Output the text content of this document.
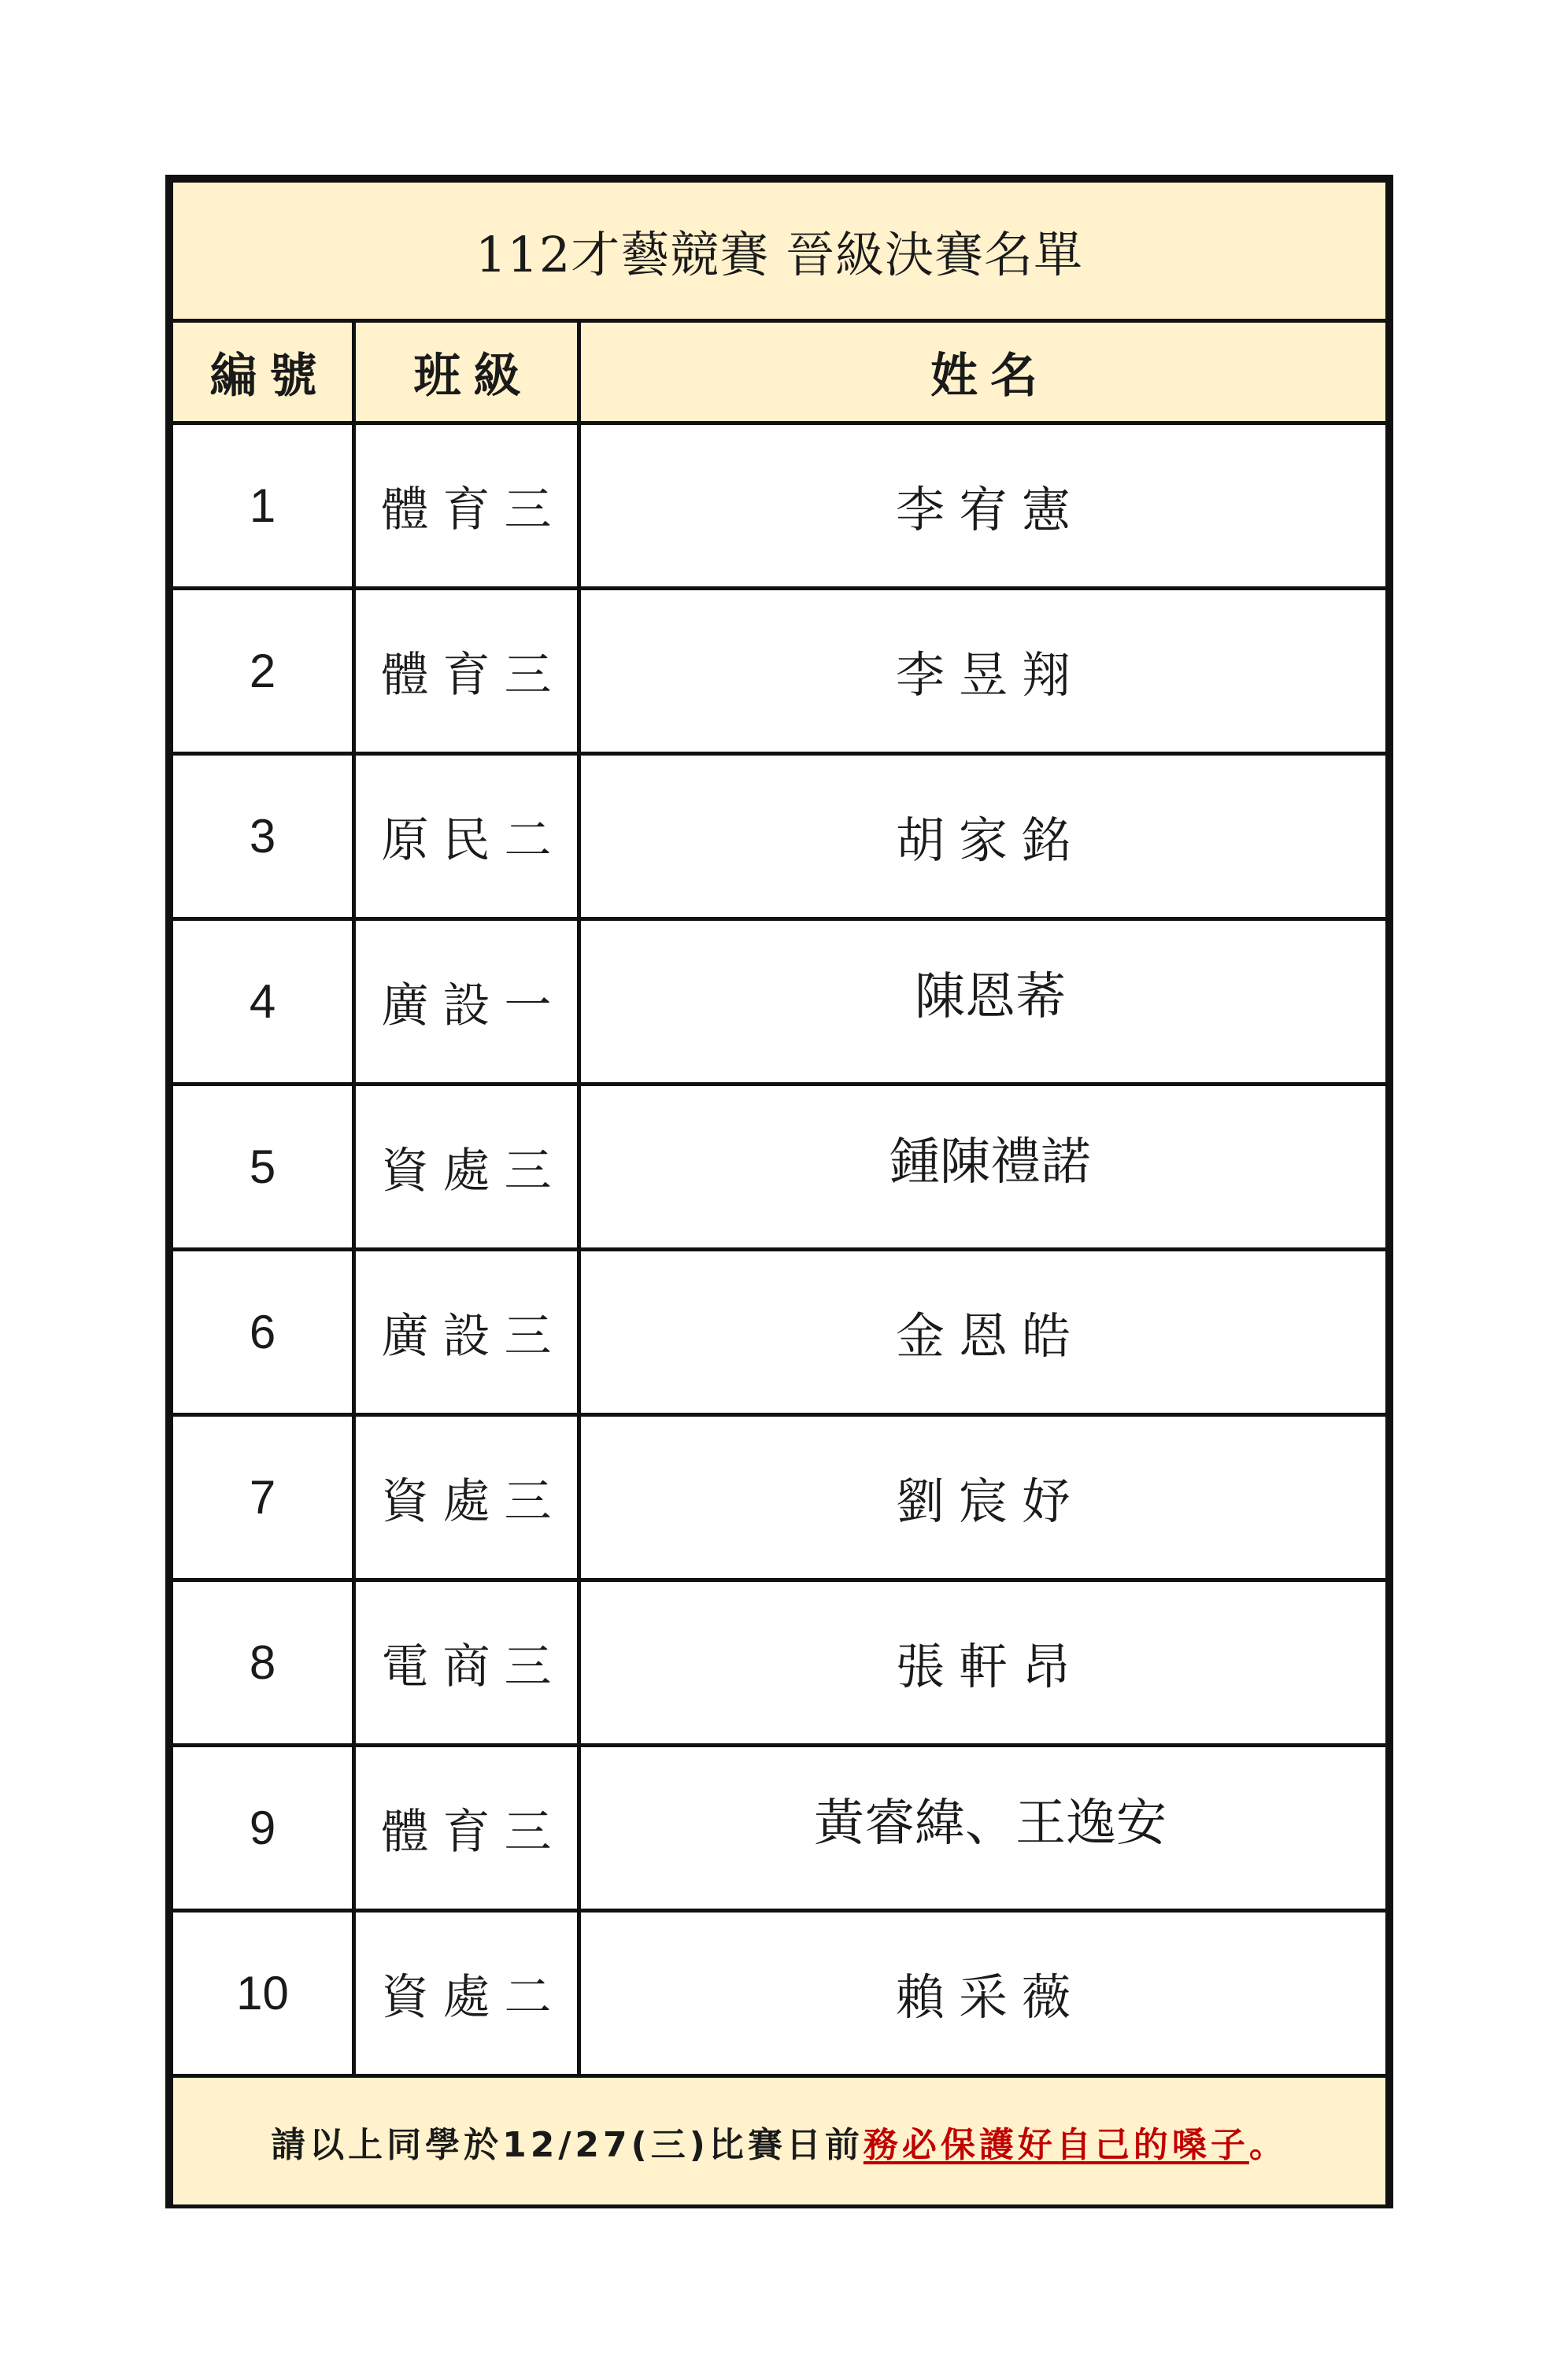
112才藝競賽 晉級決賽名單		
編號	班級	姓名
1	體育三	李宥憲
2	體育三	李昱翔
3	原民二	胡家銘
4	廣設一	陳恩莃
5	資處三	鍾陳禮諾
6	廣設三	金恩皓
7	資處三	劉宸妤
8	電商三	張軒昂
9	體育三	黃睿緯、王逸安
10	資處二	賴采薇
請以上同學於12/27(三)比賽日前務必保護好自己的嗓子。		
